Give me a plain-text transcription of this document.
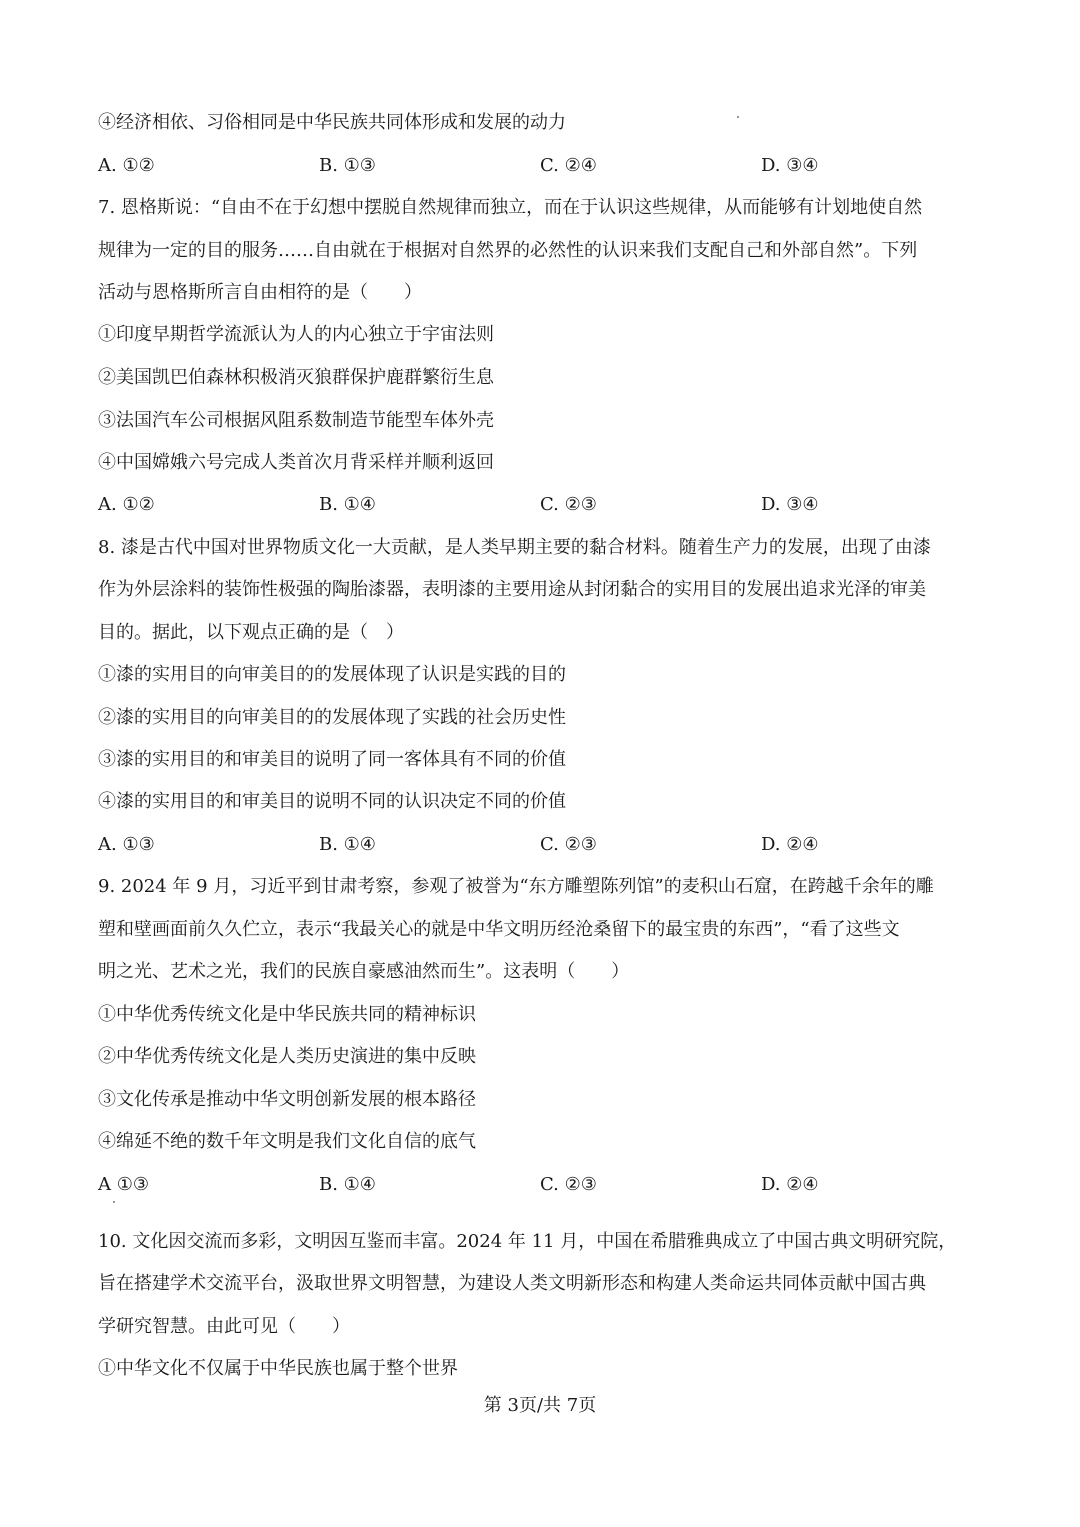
④经济相依、习俗相同是中华民族共同体形成和发展的动力
A. ①②	B. ①③	C. ②④	D. ③④
7. 恩格斯说：“自由不在于幻想中摆脱自然规律而独立，而在于认识这些规律，从而能够有计划地使自然
规律为一定的目的服务……自由就在于根据对自然界的必然性的认识来我们支配自己和外部自然”。下列
活动与恩格斯所言自由相符的是（　　）
①印度早期哲学流派认为人的内心独立于宇宙法则
②美国凯巴伯森林积极消灭狼群保护鹿群繁衍生息
③法国汽车公司根据风阻系数制造节能型车体外壳
④中国嫦娥六号完成人类首次月背采样并顺利返回
A. ①②	B. ①④	C. ②③	D. ③④
8. 漆是古代中国对世界物质文化一大贡献，是人类早期主要的黏合材料。随着生产力的发展，出现了由漆
作为外层涂料的装饰性极强的陶胎漆器，表明漆的主要用途从封闭黏合的实用目的发展出追求光泽的审美
目的。据此，以下观点正确的是（　）
①漆的实用目的向审美目的的发展体现了认识是实践的目的
②漆的实用目的向审美目的的发展体现了实践的社会历史性
③漆的实用目的和审美目的说明了同一客体具有不同的价值
④漆的实用目的和审美目的说明不同的认识决定不同的价值
A. ①③	B. ①④	C. ②③	D. ②④
9. 2024 年 9 月，习近平到甘肃考察，参观了被誉为“东方雕塑陈列馆”的麦积山石窟，在跨越千余年的雕
塑和壁画面前久久伫立，表示“我最关心的就是中华文明历经沧桑留下的最宝贵的东西”，“看了这些文
明之光、艺术之光，我们的民族自豪感油然而生”。这表明（　　）
①中华优秀传统文化是中华民族共同的精神标识
②中华优秀传统文化是人类历史演进的集中反映
③文化传承是推动中华文明创新发展的根本路径
④绵延不绝的数千年文明是我们文化自信的底气
A ①③	B. ①④	C. ②③	D. ②④
10. 文化因交流而多彩，文明因互鉴而丰富。2024 年 11 月，中国在希腊雅典成立了中国古典文明研究院，
旨在搭建学术交流平台，汲取世界文明智慧，为建设人类文明新形态和构建人类命运共同体贡献中国古典
学研究智慧。由此可见（　　）
①中华文化不仅属于中华民族也属于整个世界
第 3页/共 7页
